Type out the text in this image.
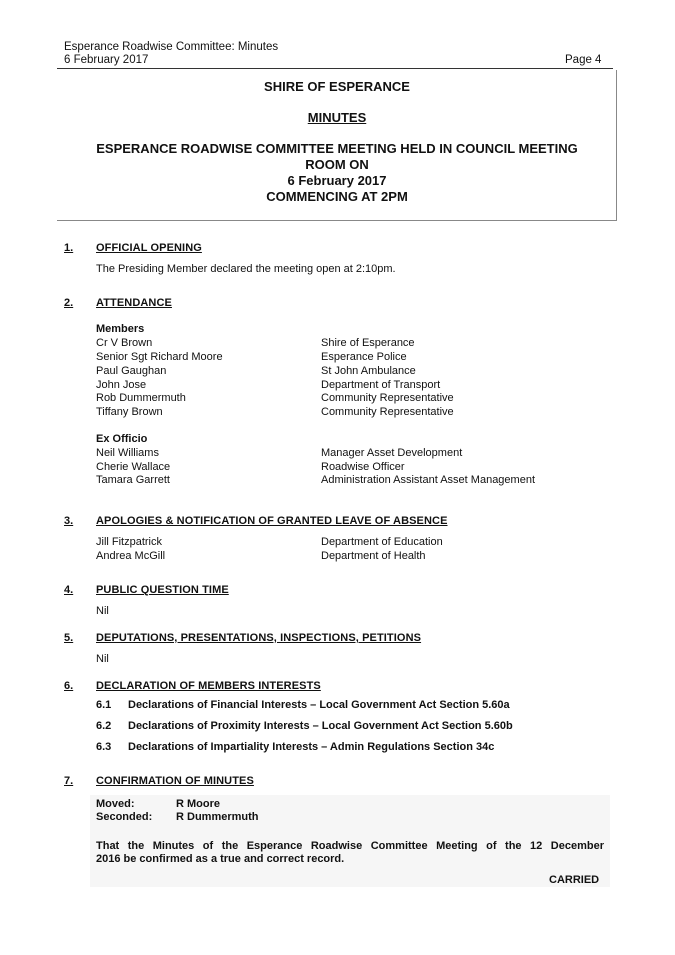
Esperance Roadwise Committee: Minutes
6 February 2017	Page 4
SHIRE OF ESPERANCE
MINUTES
ESPERANCE ROADWISE COMMITTEE MEETING HELD IN COUNCIL MEETING
ROOM ON
6 February 2017
COMMENCING AT 2PM
1. OFFICIAL OPENING
The Presiding Member declared the meeting open at 2:10pm.
2. ATTENDANCE
Members
Cr V Brown	Shire of Esperance
Senior Sgt Richard Moore	Esperance Police
Paul Gaughan	St John Ambulance
John Jose	Department of Transport
Rob Dummermuth	Community Representative
Tiffany Brown	Community Representative
Ex Officio
Neil Williams	Manager Asset Development
Cherie Wallace	Roadwise Officer
Tamara Garrett	Administration Assistant Asset Management
3. APOLOGIES & NOTIFICATION OF GRANTED LEAVE OF ABSENCE
Jill Fitzpatrick	Department of Education
Andrea McGill	Department of Health
4. PUBLIC QUESTION TIME
Nil
5. DEPUTATIONS, PRESENTATIONS, INSPECTIONS, PETITIONS
Nil
6. DECLARATION OF MEMBERS INTERESTS
6.1 Declarations of Financial Interests – Local Government Act Section 5.60a
6.2 Declarations of Proximity Interests – Local Government Act Section 5.60b
6.3 Declarations of Impartiality Interests – Admin Regulations Section 34c
7. CONFIRMATION OF MINUTES
Moved:	R Moore
Seconded: R Dummermuth
That the Minutes of the Esperance Roadwise Committee Meeting of the 12 December
2016 be confirmed as a true and correct record.
CARRIED
